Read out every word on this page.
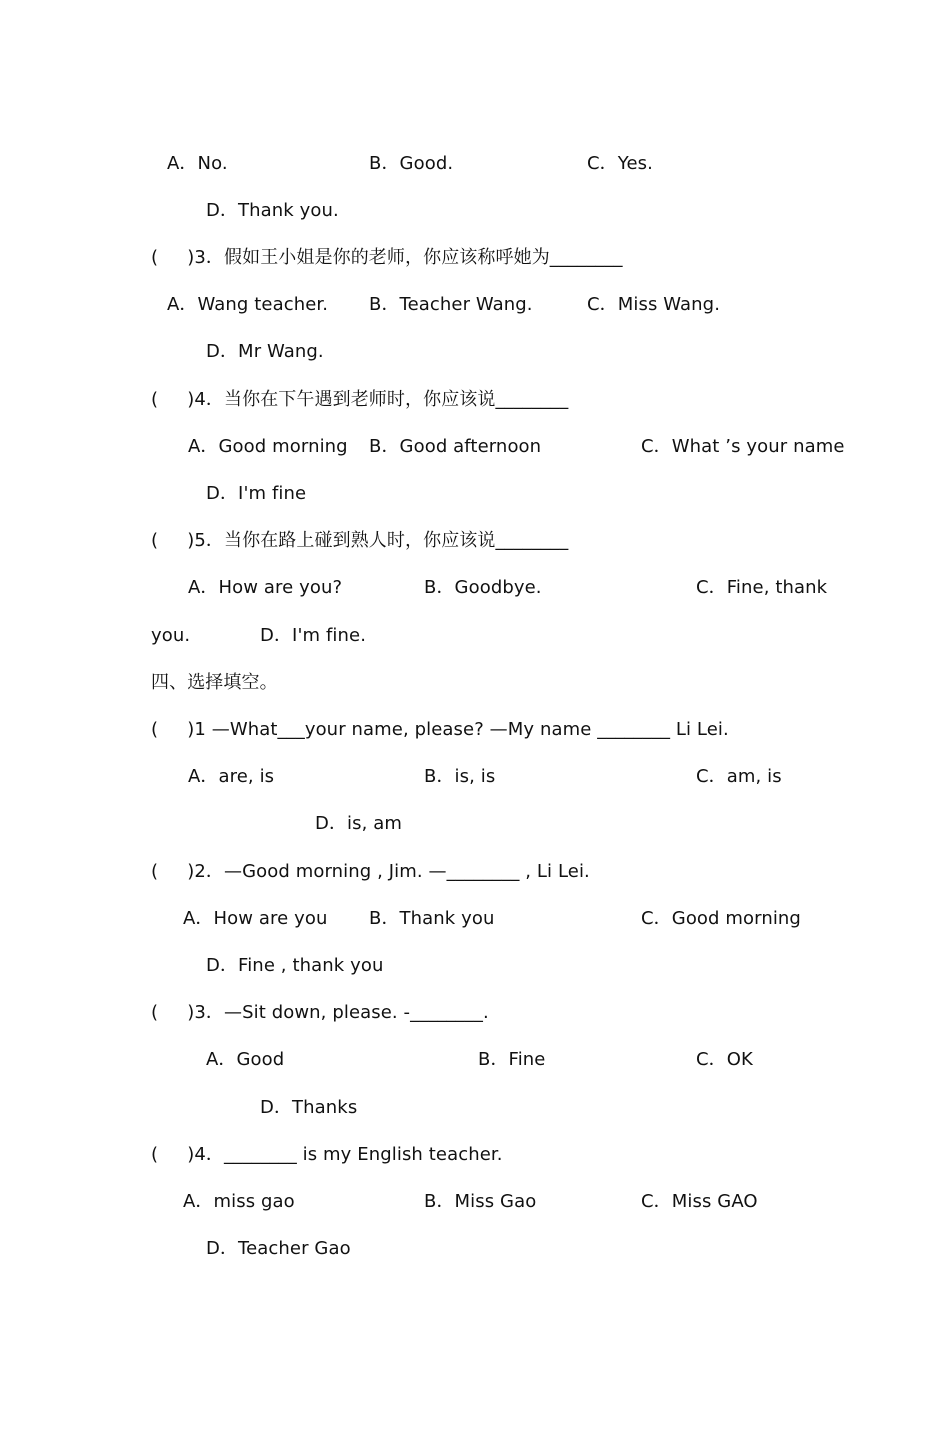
A．No.	B．Good.	C．Yes.
D．Thank you.
(     )3．假如王小姐是你的老师，你应该称呼她为________
A．Wang teacher. B．Teacher Wang.	C．Miss Wang.
D．Mr Wang.
(     )4．当你在下午遇到老师时，你应该说________
A．Good morning B．Good afternoon	C．What ’s your name
D．I'm fine
(     )5．当你在路上碰到熟人时，你应该说________
A．How are you?	B．Goodbye.	C．Fine, thank
you.	D．I'm fine.
四、选择填空。
(     )1 —What___your name, please? —My name ________ Li Lei.
A．are, is	B．is, is	C．am, is
D．is, am
(     )2．—Good morning , Jim. —________ , Li Lei.
A．How are you B．Thank you	C．Good morning
D．Fine , thank you
(     )3．—Sit down, please. -________.
A．Good	B．Fine	C．OK
D．Thanks
(     )4．________ is my English teacher.
A．miss gao	B．Miss Gao	C．Miss GAO
D．Teacher Gao
